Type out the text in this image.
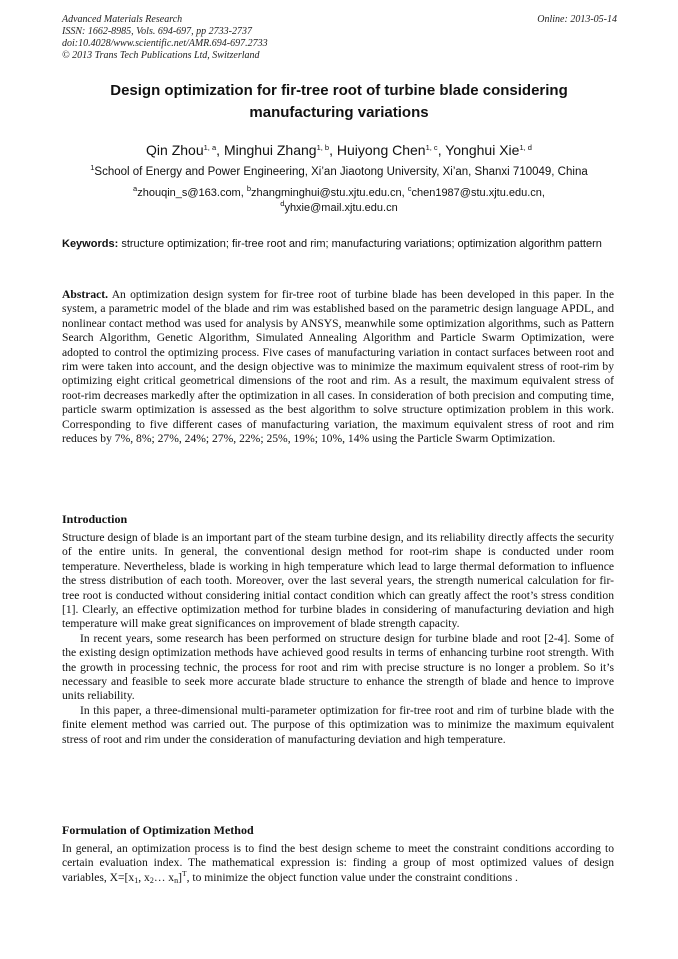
Advanced Materials Research
ISSN: 1662-8985, Vols. 694-697, pp 2733-2737
doi:10.4028/www.scientific.net/AMR.694-697.2733
© 2013 Trans Tech Publications Ltd, Switzerland
Online: 2013-05-14
Design optimization for fir-tree root of turbine blade considering manufacturing variations
Qin Zhou$^{1, a}$, Minghui Zhang$^{1, b}$, Huiyong Chen$^{1, c}$, Yonghui Xie$^{1, d}$
$^1$School of Energy and Power Engineering, Xi’an Jiaotong University, Xi’an, Shanxi 710049, China
$^a$zhouqin_s@163.com, $^b$zhangminghui@stu.xjtu.edu.cn, $^c$chen1987@stu.xjtu.edu.cn,
$^d$yhxie@mail.xjtu.edu.cn
Keywords: structure optimization; fir-tree root and rim; manufacturing variations; optimization algorithm pattern
Abstract. An optimization design system for fir-tree root of turbine blade has been developed in this paper. In the system, a parametric model of the blade and rim was established based on the parametric design language APDL, and nonlinear contact method was used for analysis by ANSYS, meanwhile some optimization algorithms, such as Pattern Search Algorithm, Genetic Algorithm, Simulated Annealing Algorithm and Particle Swarm Optimization, were adopted to control the optimizing process. Five cases of manufacturing variation in contact surfaces between root and rim were taken into account, and the design objective was to minimize the maximum equivalent stress of root-rim by optimizing eight critical geometrical dimensions of the root and rim. As a result, the maximum equivalent stress of root-rim decreases markedly after the optimization in all cases. In consideration of both precision and computing time, particle swarm optimization is assessed as the best algorithm to solve structure optimization problem in this work. Corresponding to five different cases of manufacturing variation, the maximum equivalent stress of root and rim reduces by 7%, 8%; 27%, 24%; 27%, 22%; 25%, 19%; 10%, 14% using the Particle Swarm Optimization.
Introduction

Structure design of blade is an important part of the steam turbine design, and its reliability directly affects the security of the entire units. In general, the conventional design method for root-rim shape is conducted under room temperature. Nevertheless, blade is working in high temperature which lead to large thermal deformation to influence the stress distribution of each tooth. Moreover, over the last several years, the strength numerical calculation for fir-tree root is conducted without considering initial contact condition which can greatly affect the root’s stress condition [1]. Clearly, an effective optimization method for turbine blades in considering of manufacturing deviation and high temperature will make great significances on improvement of blade strength capacity.

In recent years, some research has been performed on structure design for turbine blade and root [2-4]. Some of the existing design optimization methods have achieved good results in terms of enhancing turbine root strength. With the growth in processing technic, the process for root and rim with precise structure is no longer a problem. So it’s necessary and feasible to seek more accurate blade structure to enhance the strength of blade and hence to improve units reliability.

In this paper, a three-dimensional multi-parameter optimization for fir-tree root and rim of turbine blade with the finite element method was carried out. The purpose of this optimization was to minimize the maximum equivalent stress of root and rim under the consideration of manufacturing deviation and high temperature.

Formulation of Optimization Method

In general, an optimization process is to find the best design scheme to meet the constraint conditions according to certain evaluation index. The mathematical expression is: finding a group of most optimized values of design variables, $X=[x_1$, $x_2\dots$ $x_n]^T$, to minimize the object function value under the constraint conditions .
